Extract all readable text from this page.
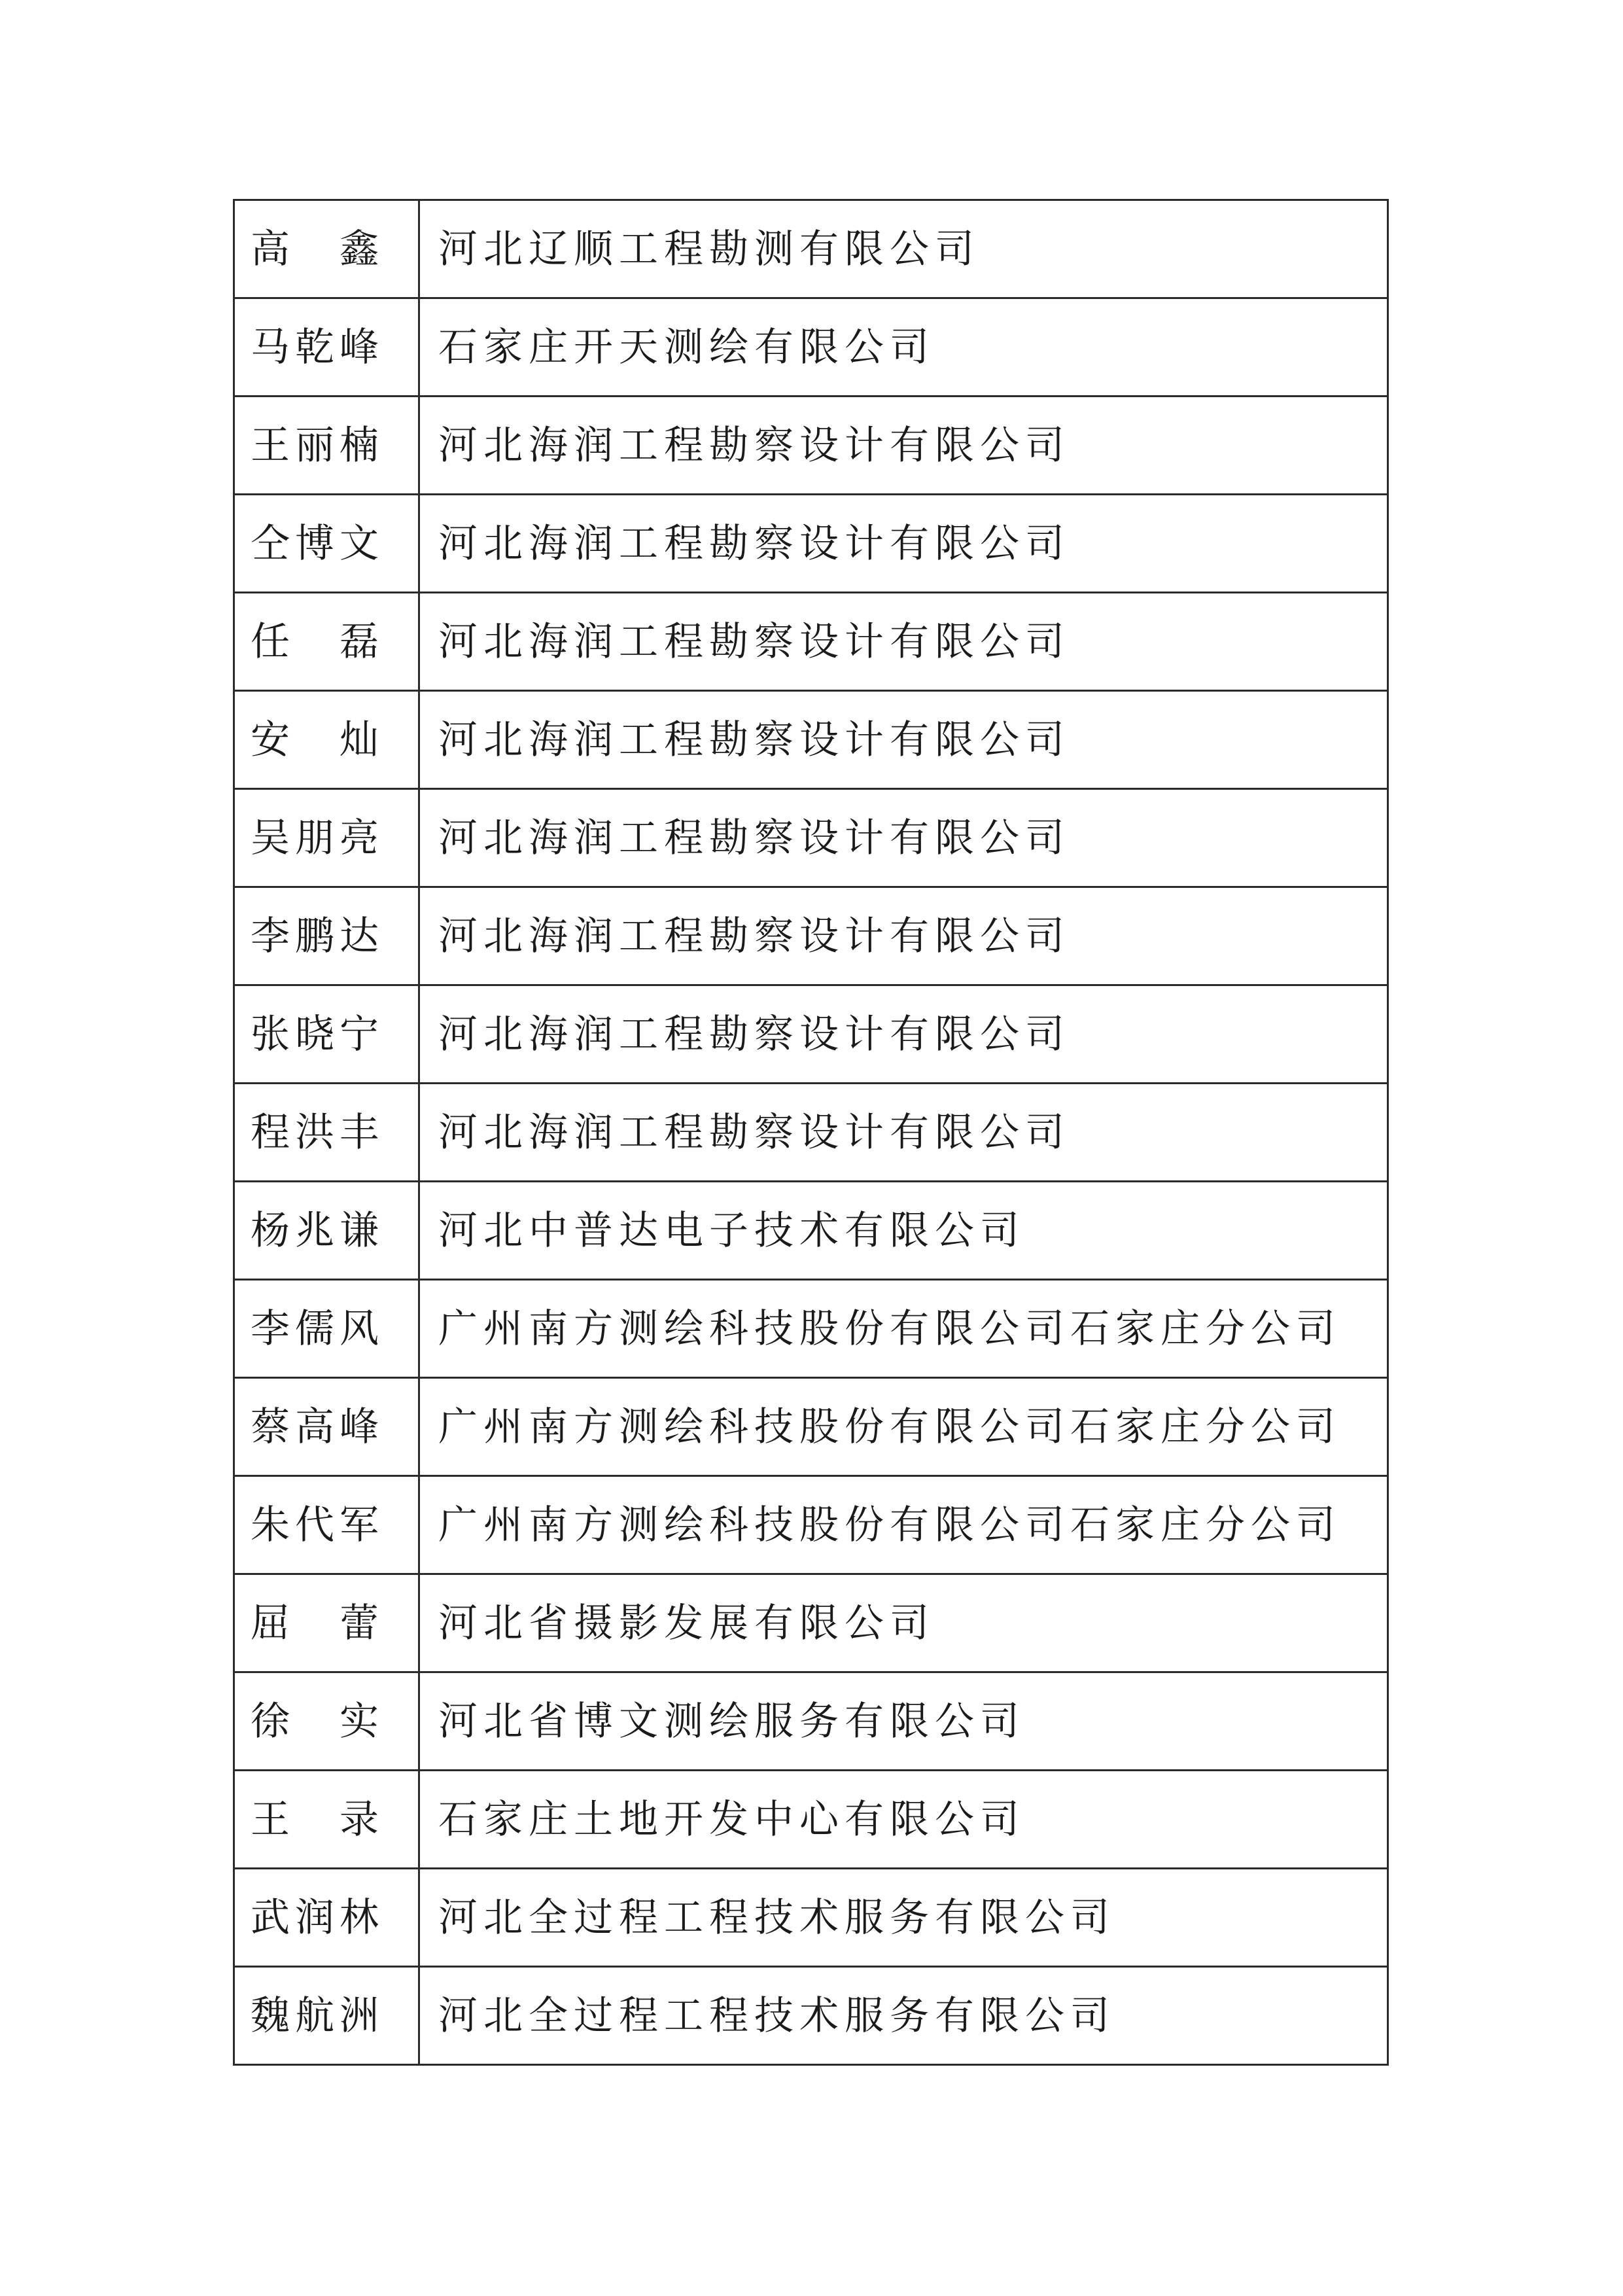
高　鑫	河北辽顺工程勘测有限公司
马乾峰	石家庄开天测绘有限公司
王丽楠	河北海润工程勘察设计有限公司
仝博文	河北海润工程勘察设计有限公司
任　磊	河北海润工程勘察设计有限公司
安　灿	河北海润工程勘察设计有限公司
吴朋亮	河北海润工程勘察设计有限公司
李鹏达	河北海润工程勘察设计有限公司
张晓宁	河北海润工程勘察设计有限公司
程洪丰	河北海润工程勘察设计有限公司
杨兆谦	河北中普达电子技术有限公司
李儒风	广州南方测绘科技股份有限公司石家庄分公司
蔡高峰	广州南方测绘科技股份有限公司石家庄分公司
朱代军	广州南方测绘科技股份有限公司石家庄分公司
屈　蕾	河北省摄影发展有限公司
徐　实	河北省博文测绘服务有限公司
王　录	石家庄土地开发中心有限公司
武润林	河北全过程工程技术服务有限公司
魏航洲	河北全过程工程技术服务有限公司
